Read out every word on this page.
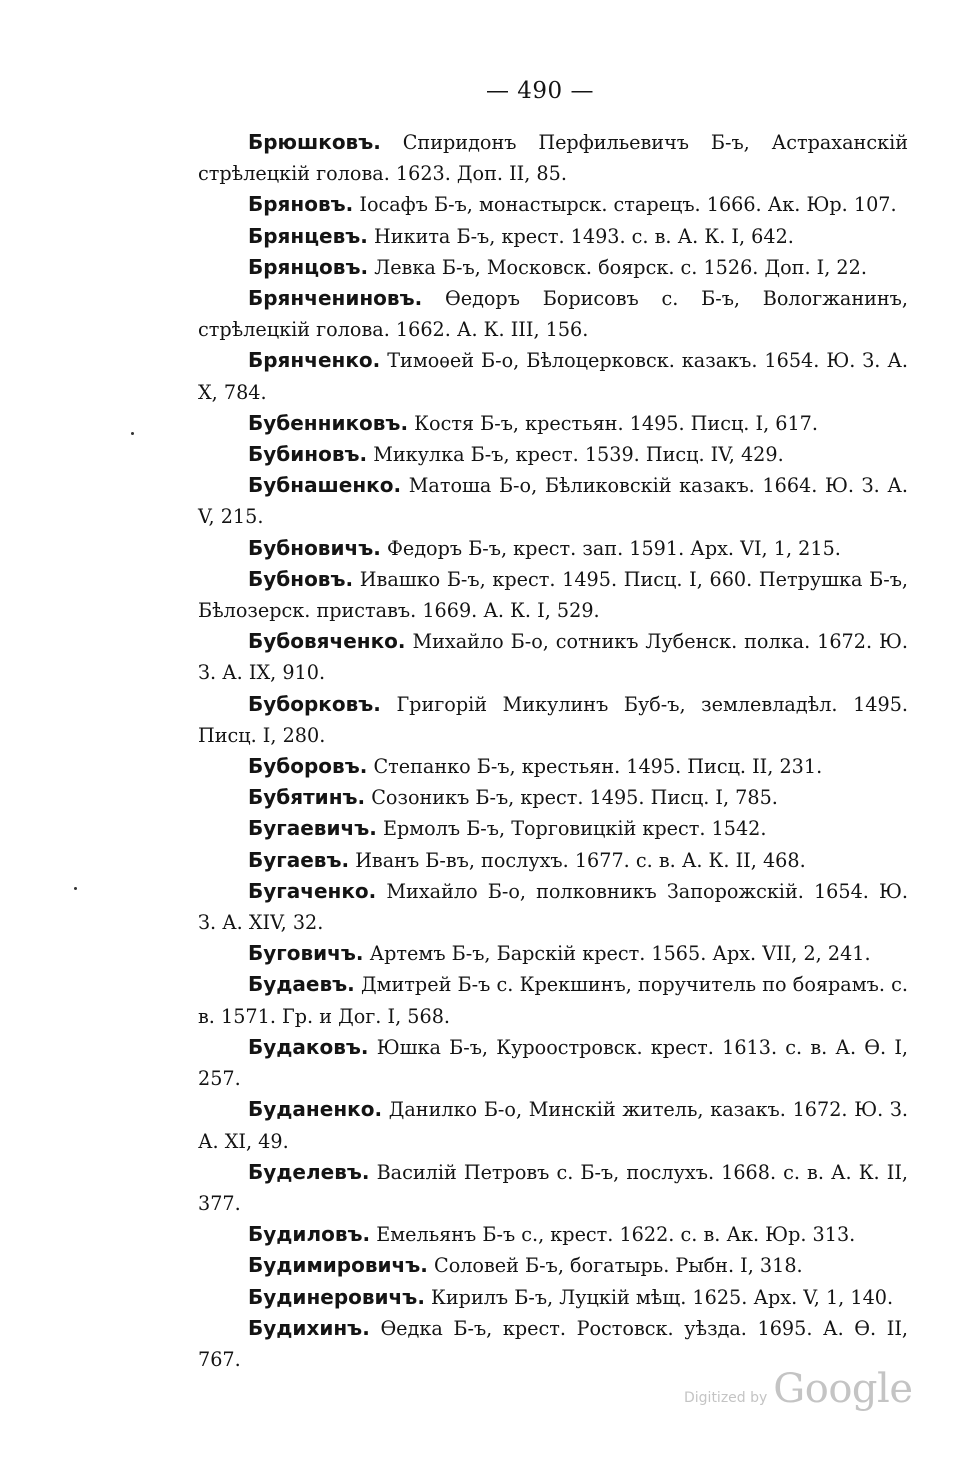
— 490 —

Брюшковъ. Спиридонъ Перфильевичъ Б-ъ, Астраханскій стрѣлецкій голова. 1623. Доп. II, 85.

Бряновъ. Іосафъ Б-ъ, монастырск. старецъ. 1666. Ак. Юр. 107.

Брянцевъ. Никита Б-ъ, крест. 1493. с. в. А. К. I, 642.

Брянцовъ. Левка Б-ъ, Московск. боярск. с. 1526. Доп. I, 22.

Брянчениновъ. Ѳедоръ Борисовъ с. Б-ъ, Вологжанинъ, стрѣлецкій голова. 1662. А. К. III, 156.

Брянченко. Тимоѳей Б-о, Бѣлоцерковск. казакъ. 1654. Ю. З. А. X, 784.

Бубенниковъ. Костя Б-ъ, крестьян. 1495. Писц. I, 617.

Бубиновъ. Микулка Б-ъ, крест. 1539. Писц. IV, 429.

Бубнашенко. Матоша Б-о, Бѣликовскій казакъ. 1664. Ю. З. А. V, 215.

Бубновичъ. Федоръ Б-ъ, крест. зап. 1591. Арх. VI, 1, 215.

Бубновъ. Ивашко Б-ъ, крест. 1495. Писц. I, 660. Петрушка Б-ъ, Бѣлозерск. приставъ. 1669. А. К. I, 529.

Бубовяченко. Михайло Б-о, сотникъ Лубенск. полка. 1672. Ю. З. А. IX, 910.

Буборковъ. Григорій Микулинъ Буб-ъ, землевладѣл. 1495. Писц. I, 280.

Буборовъ. Степанко Б-ъ, крестьян. 1495. Писц. II, 231.

Бубятинъ. Созоникъ Б-ъ, крест. 1495. Писц. I, 785.

Бугаевичъ. Ермолъ Б-ъ, Торговицкій крест. 1542.

Бугаевъ. Иванъ Б-въ, послухъ. 1677. с. в. А. К. II, 468.

Бугаченко. Михайло Б-о, полковникъ Запорожскій. 1654. Ю. З. А. XIV, 32.

Буговичъ. Артемъ Б-ъ, Барскій крест. 1565. Арх. VII, 2, 241.

Будаевъ. Дмитрей Б-ъ с. Крекшинъ, поручитель по боярамъ. с. в. 1571. Гр. и Дог. I, 568.

Будаковъ. Юшка Б-ъ, Куроостровск. крест. 1613. с. в. А. Ѳ. I, 257.

Буданенко. Данилко Б-о, Минскій житель, казакъ. 1672. Ю. З. А. XI, 49.

Буделевъ. Василій Петровъ с. Б-ъ, послухъ. 1668. с. в. А. К. II, 377.

Будиловъ. Емельянъ Б-ъ с., крест. 1622. с. в. Ак. Юр. 313.

Будимировичъ. Соловей Б-ъ, богатырь. Рыбн. I, 318.

Будинеровичъ. Кирилъ Б-ъ, Луцкій мѣщ. 1625. Арх. V, 1, 140.

Будихинъ. Ѳедка Б-ъ, крест. Ростовск. уѣзда. 1695. А. Ѳ. II, 767.

Digitized by Google
